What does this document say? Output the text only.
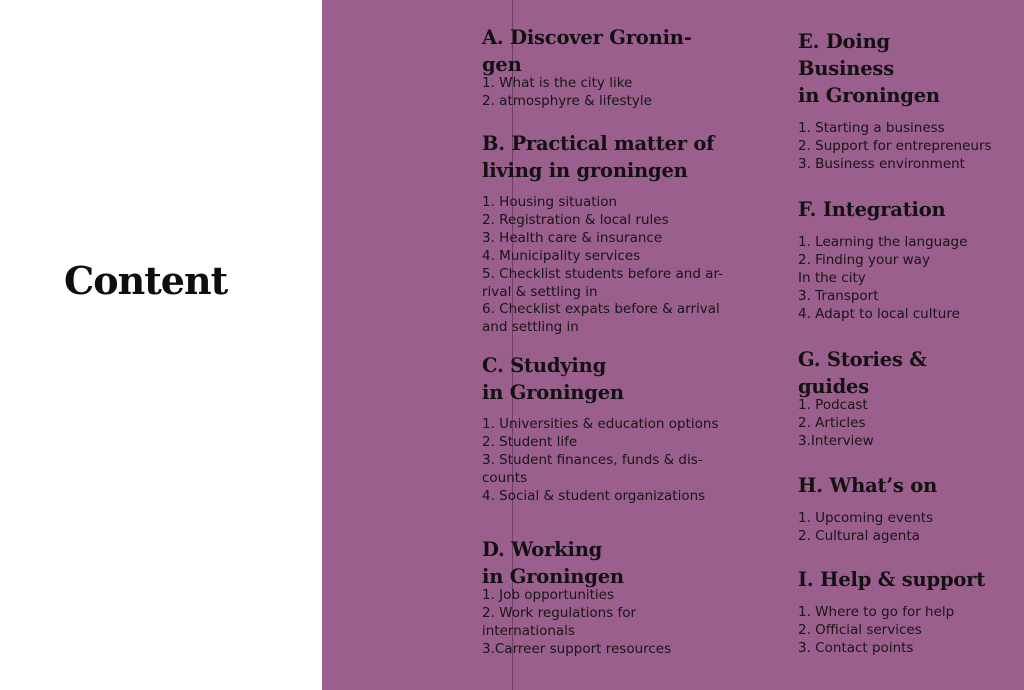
Content
A. Discover Gronin-
gen
1. What is the city like
2. atmosphyre & lifestyle
B. Practical matter of
living in groningen
1. Housing situation
2. Registration & local rules
3. Health care & insurance
4. Municipality services
5. Checklist students before and ar-
rival & settling in
6. Checklist expats before & arrival
and settling in
C. Studying
in Groningen
1. Universities & education options
2. Student life
3. Student finances, funds & dis-
counts
4. Social & student organizations
D. Working
in Groningen
1. Job opportunities
2. Work regulations for
internationals
3.Carreer support resources
E. Doing
Business
in Groningen
1. Starting a business
2. Support for entrepreneurs
3. Business environment
F. Integration
1. Learning the language
2. Finding your way
In the city
3. Transport
4. Adapt to local culture
G. Stories &
guides
1. Podcast
2. Articles
3.Interview
H. What’s on
1. Upcoming events
2. Cultural agenta
I. Help & support
1. Where to go for help
2. Official services
3. Contact points
